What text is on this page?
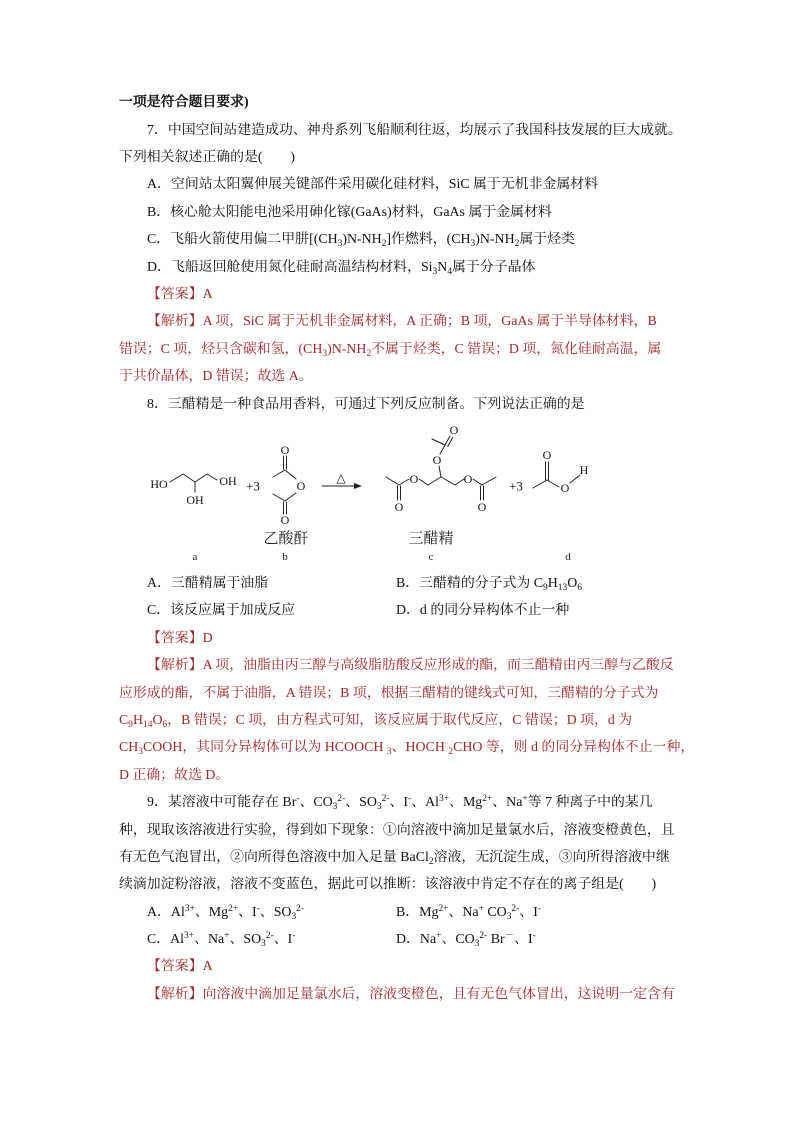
一项是符合题目要求)
7．中国空间站建造成功、神舟系列飞船顺利往返，均展示了我国科技发展的巨大成就。
下列相关叙述正确的是(　　)
A．空间站太阳翼伸展关键部件采用碳化硅材料，SiC 属于无机非金属材料
B．核心舱太阳能电池采用砷化镓(GaAs)材料，GaAs 属于金属材料
C．飞船火箭使用偏二甲肼$[(CH_3)N-NH_2]$作燃料，$(CH_3)N-NH_2$属于烃类
D．飞船返回舱使用氮化硅耐高温结构材料，$Si_3N_4$属于分子晶体
【答案】A
【解析】A 项，SiC 属于无机非金属材料，A 正确；B 项，GaAs 属于半导体材料，B
错误；C 项，烃只含碳和氢，$(CH_3)N-NH_2$不属于烃类，C 错误；D 项，氮化硅耐高温，属
于共价晶体，D 错误；故选 A。
8．三醋精是一种食品用香料，可通过下列反应制备。下列说法正确的是
HO
OH
OH +3
O
O
O
△
O
O
O
O
O
O
+3
O
O
H
乙酸酐	三醋精
a	b	c	d
A．三醋精属于油脂	B．三醋精的分子式为 $C_9H_{13}O_6$
C．该反应属于加成反应	D．d 的同分异构体不止一种
【答案】D
【解析】A 项，油脂由丙三醇与高级脂肪酸反应形成的酯，而三醋精由丙三醇与乙酸反
应形成的酯，不属于油脂，A 错误；B 项，根据三醋精的键线式可知，三醋精的分子式为
$C_9H_{14}O_6$，B 错误；C 项，由方程式可知，该反应属于取代反应，C 错误；D 项，d 为
$CH_3COOH$，其同分异构体可以为 HCOOCH $_3$、HOCH $_2$CHO 等，则 d 的同分异构体不止一种，
D 正确；故选 D。
9．某溶液中可能存在 Br-、$CO_3^{2-}$、$SO_3^{2-}$、I-、$Al^{3+}$、$Mg^{2+}$、Na+等 7 种离子中的某几
种，现取该溶液进行实验，得到如下现象：①向溶液中滴加足量氯水后，溶液变橙黄色，且
有无色气泡冒出，②向所得色溶液中加入足量 BaCl$_2$溶液，无沉淀生成，③向所得溶液中继
续滴加淀粉溶液，溶液不变蓝色，据此可以推断：该溶液中肯定不存在的离子组是(　　)
A．$Al^{3+}$、$Mg^{2+}$、I-、$SO_3^{2-}$	B．$Mg^{2+}$、Na+ $CO_3^{2-}$、I-
C．$Al^{3+}$、Na+、$SO_3^{2-}$、I-	D．Na+、$CO_3^{2-}$ Br－、I-
【答案】A
【解析】向溶液中滴加足量氯水后，溶液变橙色，且有无色气体冒出，这说明一定含有
